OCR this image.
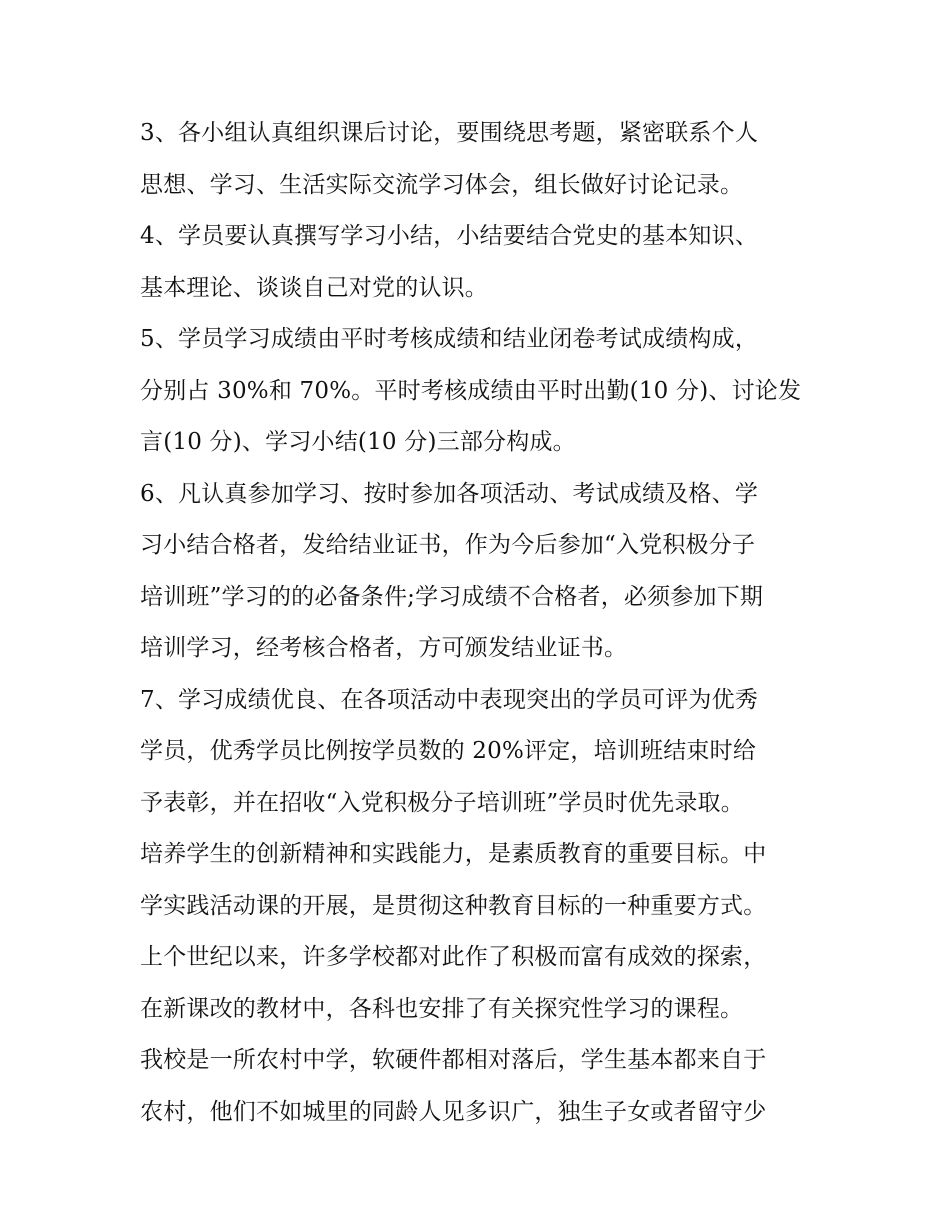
3、各小组认真组织课后讨论，要围绕思考题，紧密联系个人
思想、学习、生活实际交流学习体会，组长做好讨论记录。

4、学员要认真撰写学习小结，小结要结合党史的基本知识、
基本理论、谈谈自己对党的认识。

5、学员学习成绩由平时考核成绩和结业闭卷考试成绩构成，
分别占 30%和 70%。平时考核成绩由平时出勤(10 分)、讨论发
言(10 分)、学习小结(10 分)三部分构成。

6、凡认真参加学习、按时参加各项活动、考试成绩及格、学
习小结合格者，发给结业证书，作为今后参加“入党积极分子
培训班”学习的的必备条件;学习成绩不合格者，必须参加下期
培训学习，经考核合格者，方可颁发结业证书。

7、学习成绩优良、在各项活动中表现突出的学员可评为优秀
学员，优秀学员比例按学员数的 20%评定，培训班结束时给
予表彰，并在招收“入党积极分子培训班”学员时优先录取。

培养学生的创新精神和实践能力，是素质教育的重要目标。中
学实践活动课的开展，是贯彻这种教育目标的一种重要方式。
上个世纪以来，许多学校都对此作了积极而富有成效的探索，
在新课改的教材中，各科也安排了有关探究性学习的课程。

我校是一所农村中学，软硬件都相对落后，学生基本都来自于
农村，他们不如城里的同龄人见多识广，独生子女或者留守少
